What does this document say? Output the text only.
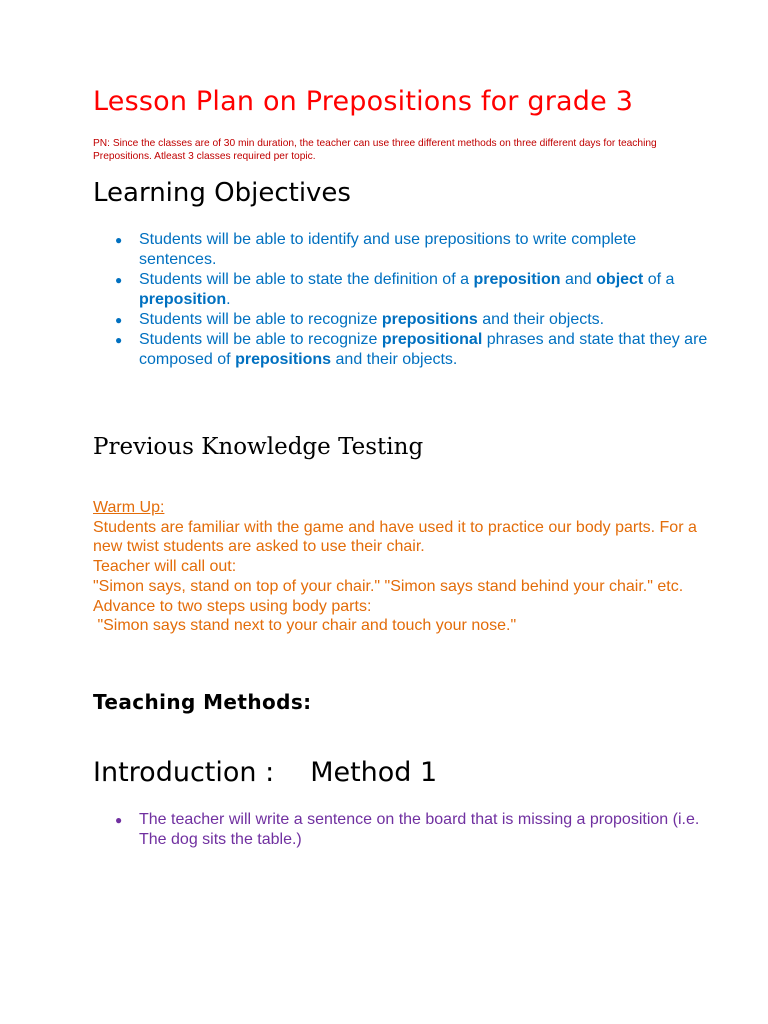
Lesson Plan on Prepositions for grade 3

PN: Since the classes are of 30 min duration, the teacher can use three different methods on three different days for teaching Prepositions. Atleast 3 classes required per topic.

Learning Objectives
● Students will be able to identify and use prepositions to write complete sentences.
● Students will be able to state the definition of a preposition and object of a preposition.
● Students will be able to recognize prepositions and their objects.
● Students will be able to recognize prepositional phrases and state that they are composed of prepositions and their objects.
Previous Knowledge Testing

Warm Up:

Students are familiar with the game and have used it to practice our body parts. For a new twist students are asked to use their chair.

Teacher will call out:

"Simon says, stand on top of your chair." "Simon says stand behind your chair." etc.

Advance to two steps using body parts:

"Simon says stand next to your chair and touch your nose."

Teaching Methods:
Introduction : Method 1
● The teacher will write a sentence on the board that is missing a proposition (i.e. The dog sits the table.)
